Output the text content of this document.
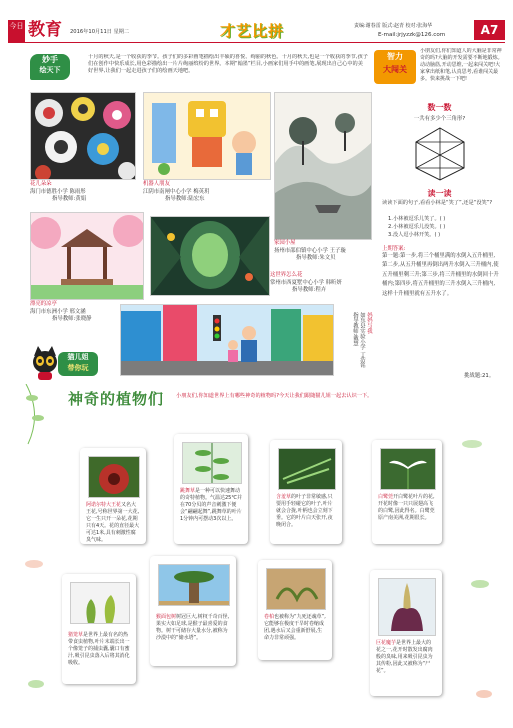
今日 教育 2016年10月11日 星期二	才艺比拼	责编:谢春雷 版式:赵青 校对:张海华
E-mail:jrjyzzk@126.com	A7
妙手
绘天下
十月的秋天,是一个收获的季节。孩子们的多彩画笔描绘出丰硕的喜悦、绚丽的秋色。十月的秋天,也是一个收获的季节,孩子们在创作中快乐成长,用色彩描绘出一片片绚丽缤纷的世界。本期“翰墨”栏目,小画家们用手中的画笔,展现出自己心中的美好世界,让我们一起走进孩子们的绘画天地吧。
花儿朵朵
海门市德胜小学 陈雨彤
指导教师:黄娟
机器人朋友
江阴市南闸中心小学 梅英玥
指导教师:陆宏东
家园小屋
扬州市邵伯镇中心小学 王子璇
指导教师:朱文贝
漂亮的凉亭
海门市东洲小学 邢文涵
指导教师:张晓静
这世界怎么花
常州市西夏墅中心小学 韩昕妍
指导教师:程卉
妈妈与我
如东县实验小学 丁浩铭
指导教师:戴慧
智力
大闯关
小朋友们,你们知道人的大脑是非常神奇的吗?大脑的开发需要不断地锻炼。动动脑筋,开动思维,一起来闯关吧!大家拿出纸和笔,认真思考,看谁闯关最多。快来挑战一下吧!
数一数
一共有多少个三角形?
读一读
读读下面的句子,看看小林是“笑了”,还是“没笑”?
1.小林被逗乐儿笑了。( )
2.小林被逗乐儿没笑。( )
3.没人逗小林开笑。( )
上期答案:
第一题:第一步,将三个桶里满的水倒入五升桶里,第二步,从五升桶里再倒出两升水倒入三升桶内,使五升桶里剩三升;第三步,将三升桶里的水倒回十升桶内;第四步,将五升桶里的三升水倒入三升桶内,这样十升桶里就有五升水了。
挑战题:21。
猫儿姐
带你玩
神奇的植物们 小朋友们,你知道世界上有哪些神奇的植物吗?今天让我们跟随猫儿姐一起去认识一下。
阿诺尔特大王花又名大王花,号称世界第一大花,它一生只开一朵花,花期只有4天。花的直径最大可达1米,具有刺激性腐臭气味。
跳舞草是一种可以快速舞动的奇特植物。气温达25℃并在70分贝的声音刺激下便会“翩翩起舞”,跳舞草的叶片1分钟内可摆动3次以上。
含羞草的叶子非常敏感,只要用手轻碰它的叶子,叶片就会合拢,叶柄也会立刻下垂。它的叶片白天张开,夜晚闭合。
白鹭莞开白鹭花叶片的花,开花时像一只只展翅高飞的白鹭,因此得名。白鹭莞原产南美洲,花期很长。
猪笼草是世界上最有名的热带食虫植物,叶片末端长出一个像笼子的捕虫囊,囊口有蜜汁,吸引昆虫落入后将其消化吸收。
猴面包树树冠巨大,树杈千奇百怪,果实大如足球,是猴子最喜爱的食物。树干可储存大量水分,被称为沙漠中的“储水塔”。
卷柏也被称为“九死还魂草”,它能够在极度干旱时卷缩成团,遇水后又会重新舒展,生命力非常顽强。
巨花魔芋是世界上最大的花之一,花开时散发出腐肉般的臭味,用来吸引昆虫为其传粉,因此又被称为“尸花”。
